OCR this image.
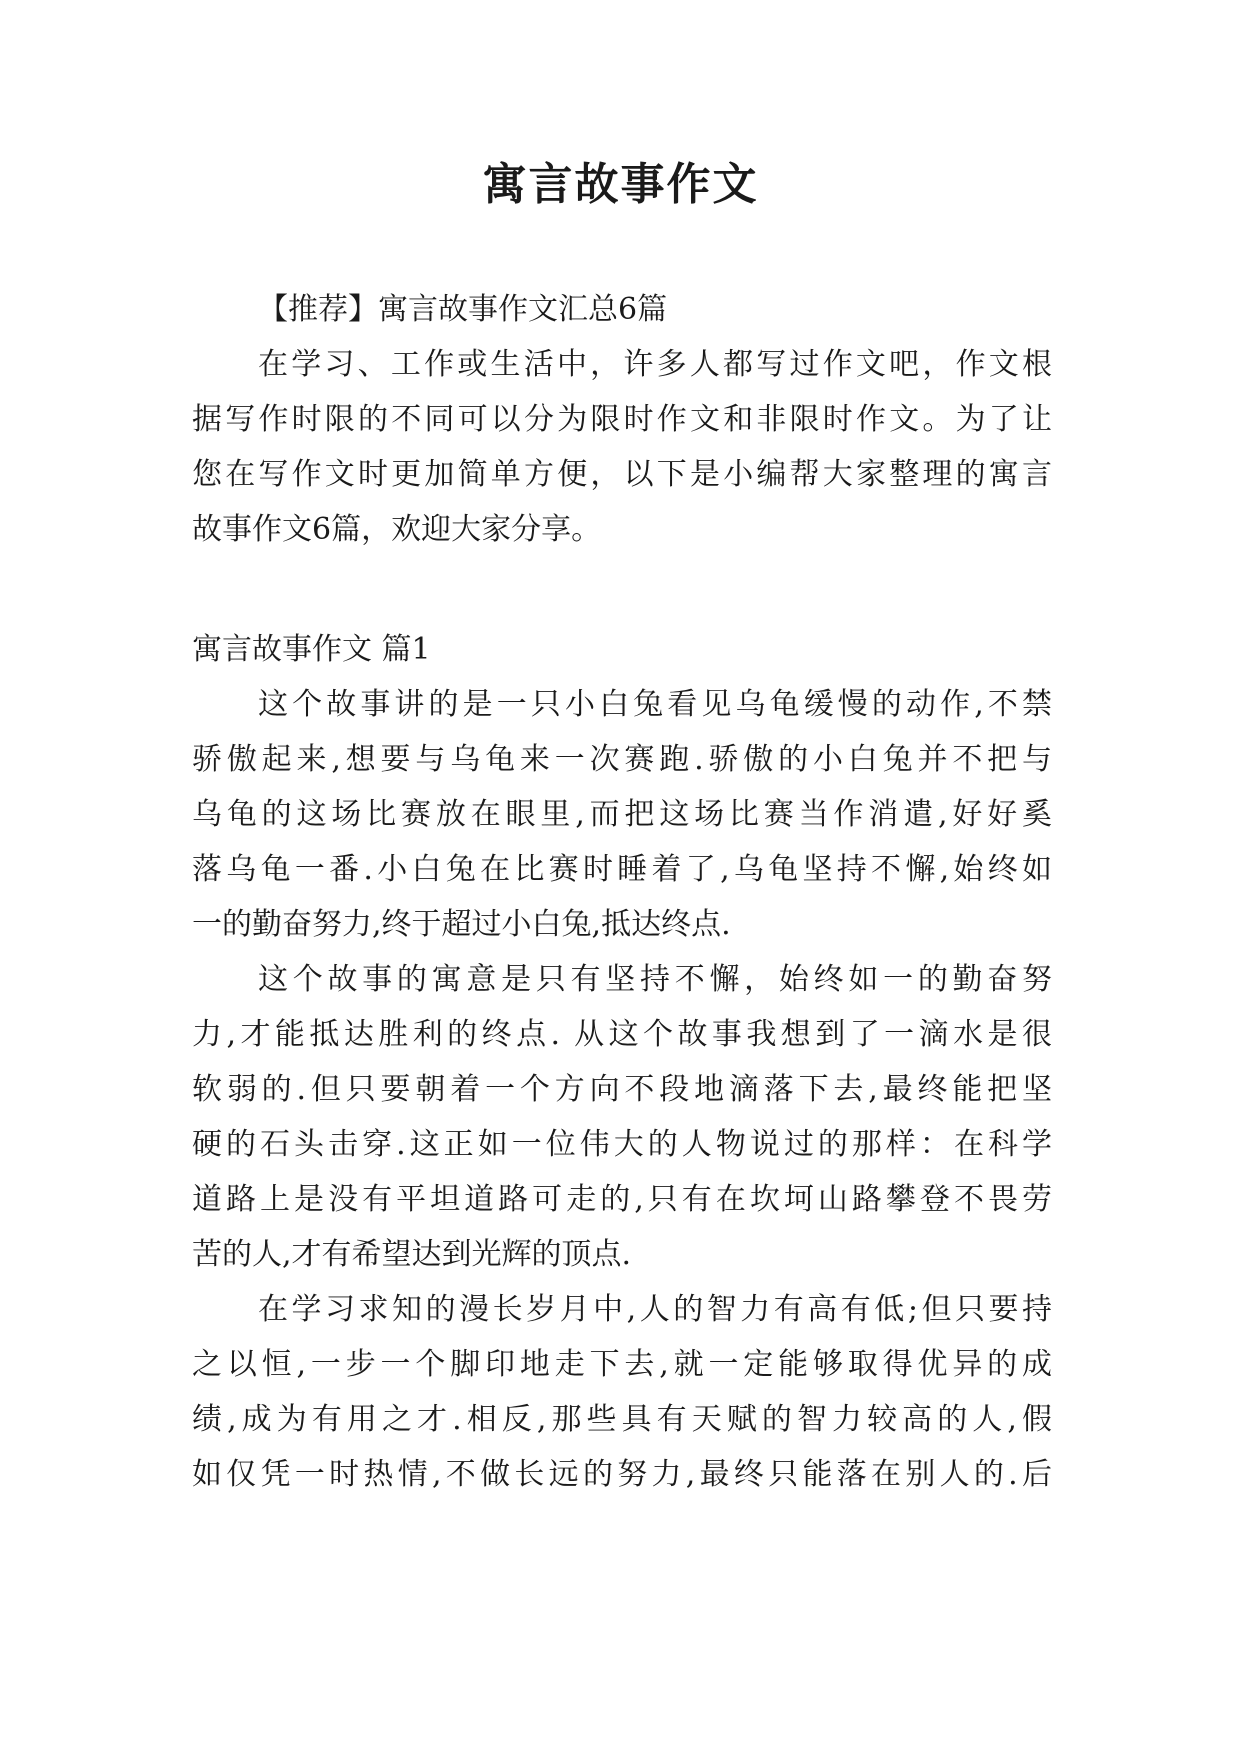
寓言故事作文
【推荐】寓言故事作文汇总6篇
在学习、工作或生活中，许多人都写过作文吧，作文根
据写作时限的不同可以分为限时作文和非限时作文。为了让
您在写作文时更加简单方便，以下是小编帮大家整理的寓言
故事作文6篇，欢迎大家分享。
寓言故事作文 篇1
这个故事讲的是一只小白兔看见乌龟缓慢的动作,不禁
骄傲起来,想要与乌龟来一次赛跑.骄傲的小白兔并不把与
乌龟的这场比赛放在眼里,而把这场比赛当作消遣,好好奚
落乌龟一番.小白兔在比赛时睡着了,乌龟坚持不懈,始终如
一的勤奋努力,终于超过小白兔,抵达终点.
这个故事的寓意是只有坚持不懈，始终如一的勤奋努
力,才能抵达胜利的终点. 从这个故事我想到了一滴水是很
软弱的.但只要朝着一个方向不段地滴落下去,最终能把坚
硬的石头击穿.这正如一位伟大的人物说过的那样：在科学
道路上是没有平坦道路可走的,只有在坎坷山路攀登不畏劳
苦的人,才有希望达到光辉的顶点.
在学习求知的漫长岁月中,人的智力有高有低;但只要持
之以恒,一步一个脚印地走下去,就一定能够取得优异的成
绩,成为有用之才.相反,那些具有天赋的智力较高的人,假
如仅凭一时热情,不做长远的努力,最终只能落在别人的.后
